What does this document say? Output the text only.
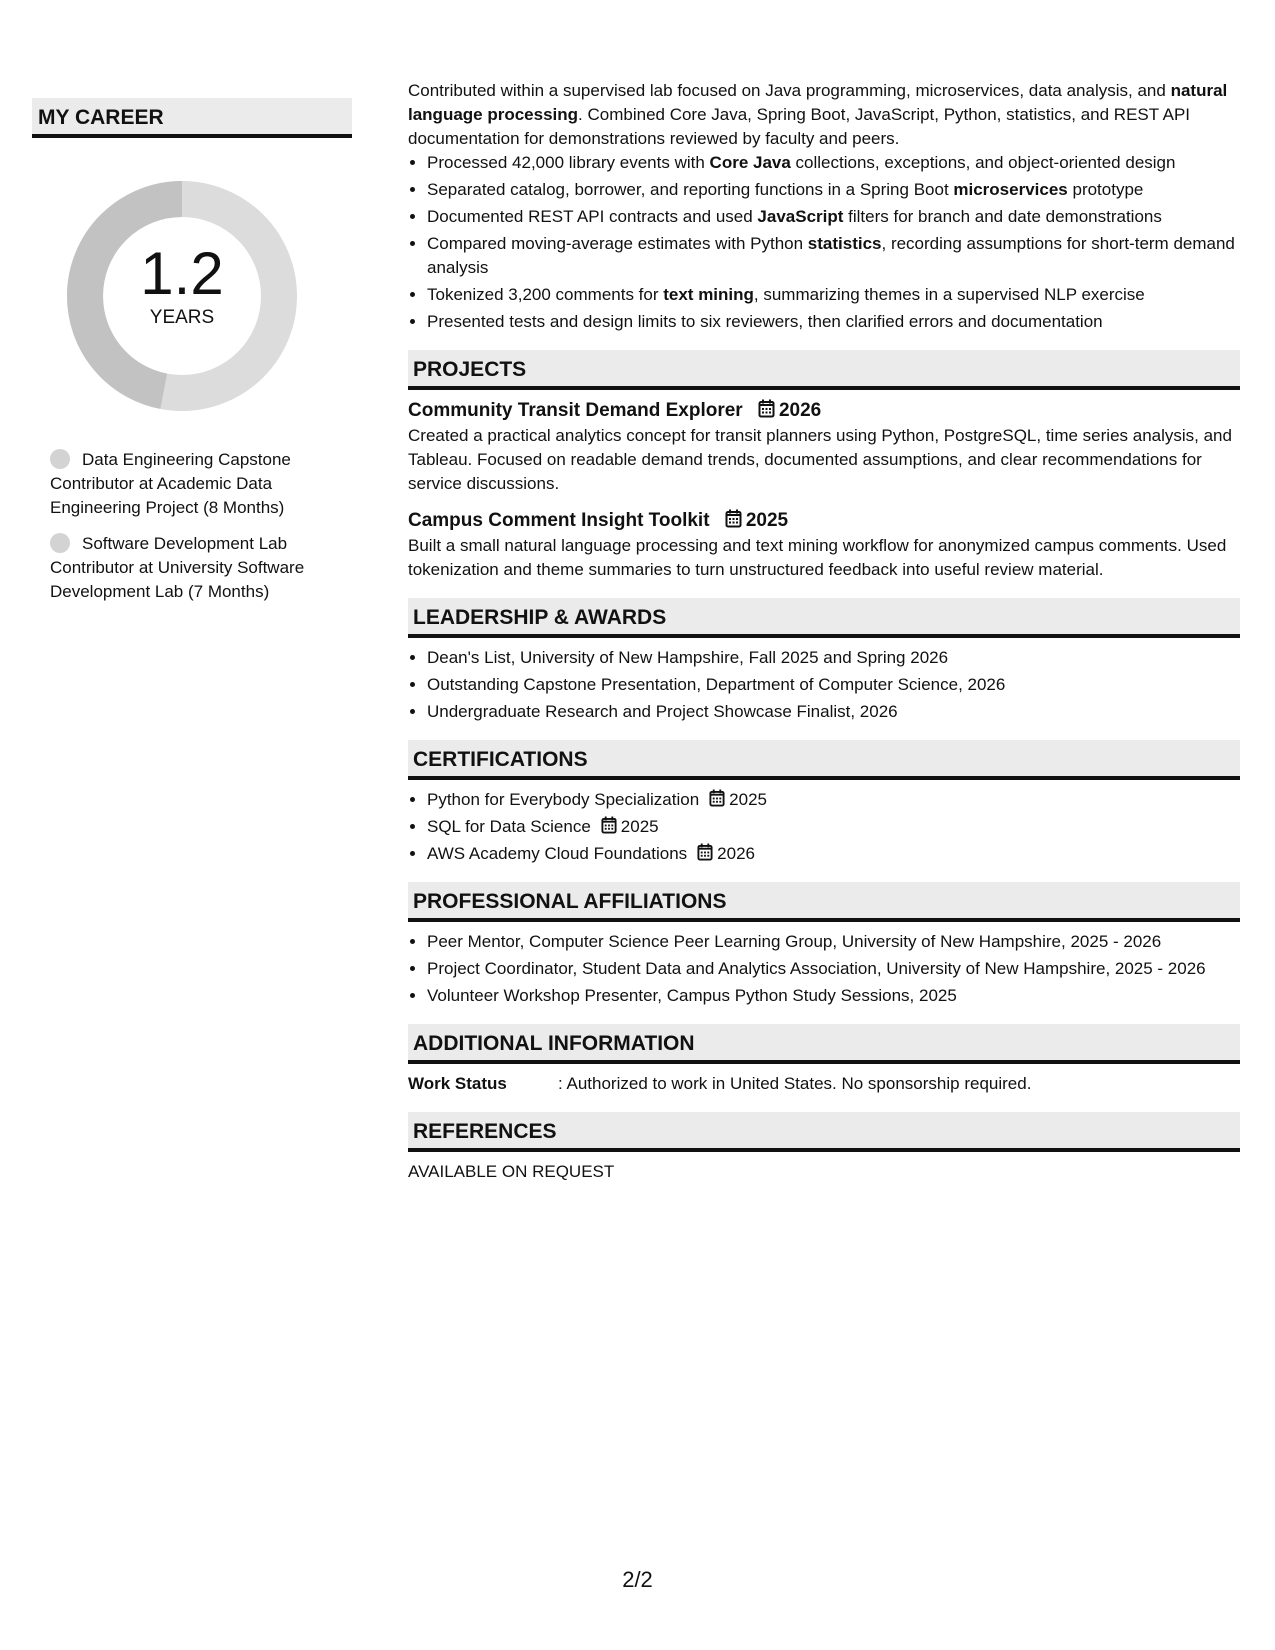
MY CAREER
1.2
YEARS
Data Engineering Capstone Contributor at Academic Data Engineering Project (8 Months)
Software Development Lab Contributor at University Software Development Lab (7 Months)

Contributed within a supervised lab focused on Java programming, microservices, data analysis, and natural language processing. Combined Core Java, Spring Boot, JavaScript, Python, statistics, and REST API documentation for demonstrations reviewed by faculty and peers.

• Processed 42,000 library events with Core Java collections, exceptions, and object-oriented design
• Separated catalog, borrower, and reporting functions in a Spring Boot microservices prototype
• Documented REST API contracts and used JavaScript filters for branch and date demonstrations
• Compared moving-average estimates with Python statistics, recording assumptions for short-term demand analysis
• Tokenized 3,200 comments for text mining, summarizing themes in a supervised NLP exercise
• Presented tests and design limits to six reviewers, then clarified errors and documentation
PROJECTS
Community Transit Demand Explorer 2026

Created a practical analytics concept for transit planners using Python, PostgreSQL, time series analysis, and Tableau. Focused on readable demand trends, documented assumptions, and clear recommendations for service discussions.

Campus Comment Insight Toolkit 2025

Built a small natural language processing and text mining workflow for anonymized campus comments. Used tokenization and theme summaries to turn unstructured feedback into useful review material.

LEADERSHIP & AWARDS
• Dean's List, University of New Hampshire, Fall 2025 and Spring 2026
• Outstanding Capstone Presentation, Department of Computer Science, 2026
• Undergraduate Research and Project Showcase Finalist, 2026
CERTIFICATIONS
• Python for Everybody Specialization 2025
• SQL for Data Science 2025
• AWS Academy Cloud Foundations 2026
PROFESSIONAL AFFILIATIONS
• Peer Mentor, Computer Science Peer Learning Group, University of New Hampshire, 2025 - 2026
• Project Coordinator, Student Data and Analytics Association, University of New Hampshire, 2025 - 2026
• Volunteer Workshop Presenter, Campus Python Study Sessions, 2025
ADDITIONAL INFORMATION
Work Status	: Authorized to work in United States. No sponsorship required.
REFERENCES
AVAILABLE ON REQUEST
2/2
